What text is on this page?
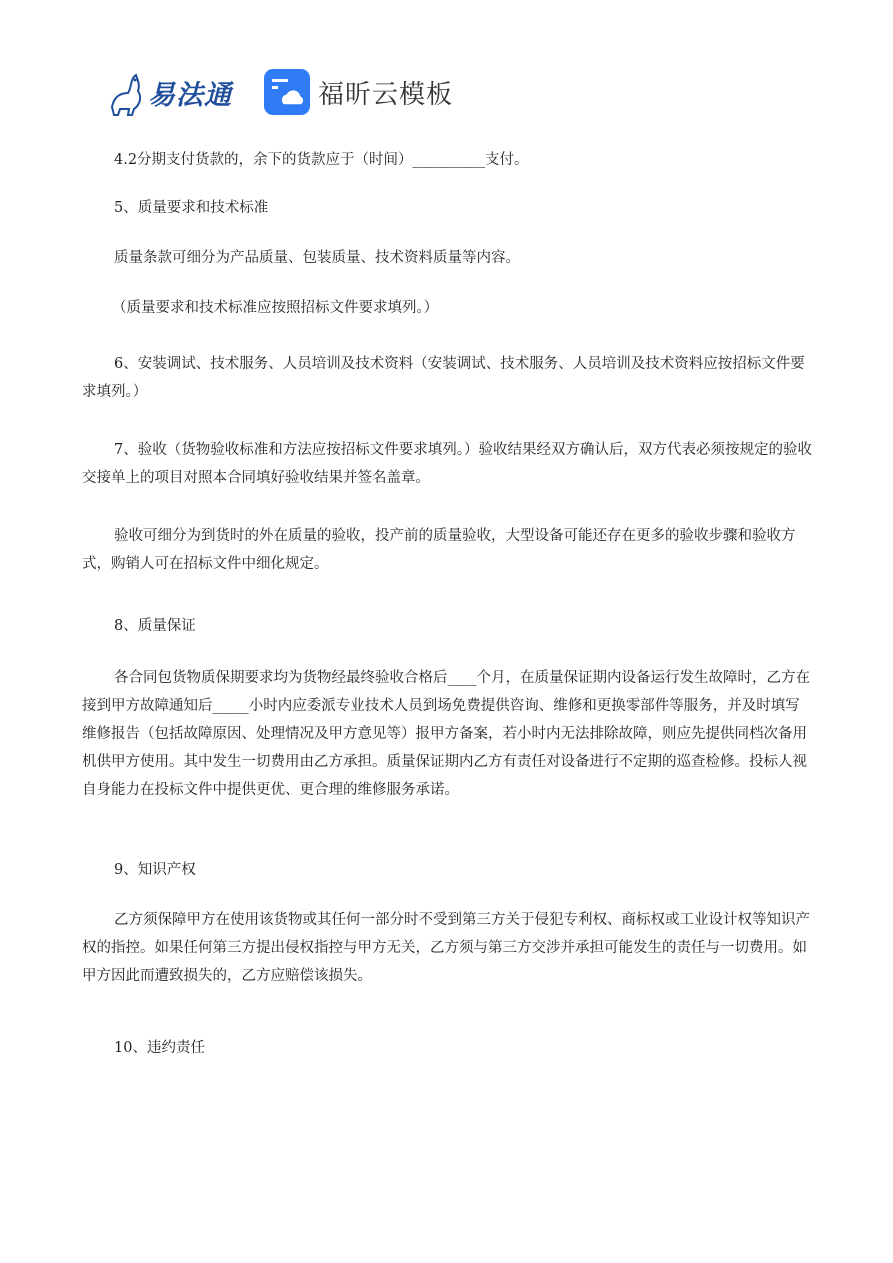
易法通	福昕云模板

4.2分期支付货款的，余下的货款应于（时间）__________支付。

5、质量要求和技术标准

质量条款可细分为产品质量、包装质量、技术资料质量等内容。

（质量要求和技术标准应按照招标文件要求填列。）

6、安装调试、技术服务、人员培训及技术资料（安装调试、技术服务、人员培训及技术资料应按招标文件要求填列。）

7、验收（货物验收标准和方法应按招标文件要求填列。）验收结果经双方确认后，双方代表必须按规定的验收交接单上的项目对照本合同填好验收结果并签名盖章。

验收可细分为到货时的外在质量的验收，投产前的质量验收，大型设备可能还存在更多的验收步骤和验收方式，购销人可在招标文件中细化规定。

8、质量保证

各合同包货物质保期要求均为货物经最终验收合格后____个月，在质量保证期内设备运行发生故障时，乙方在接到甲方故障通知后_____小时内应委派专业技术人员到场免费提供咨询、维修和更换零部件等服务，并及时填写维修报告（包括故障原因、处理情况及甲方意见等）报甲方备案，若小时内无法排除故障，则应先提供同档次备用机供甲方使用。其中发生一切费用由乙方承担。质量保证期内乙方有责任对设备进行不定期的巡查检修。投标人视自身能力在投标文件中提供更优、更合理的维修服务承诺。

9、知识产权

乙方须保障甲方在使用该货物或其任何一部分时不受到第三方关于侵犯专利权、商标权或工业设计权等知识产权的指控。如果任何第三方提出侵权指控与甲方无关，乙方须与第三方交涉并承担可能发生的责任与一切费用。如甲方因此而遭致损失的，乙方应赔偿该损失。

10、违约责任
